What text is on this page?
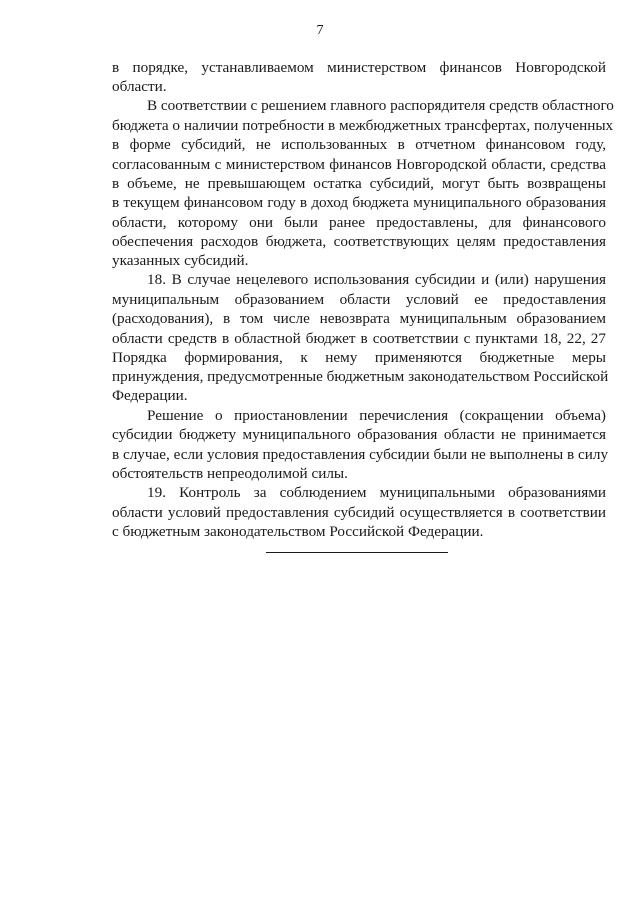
7
в порядке, устанавливаемом министерством финансов Новгородской
области.
В соответствии с решением главного распорядителя средств областного
бюджета о наличии потребности в межбюджетных трансфертах, полученных
в форме субсидий, не использованных в отчетном финансовом году,
согласованным с министерством финансов Новгородской области, средства
в объеме, не превышающем остатка субсидий, могут быть возвращены
в текущем финансовом году в доход бюджета муниципального образования
области, которому они были ранее предоставлены, для финансового
обеспечения расходов бюджета, соответствующих целям предоставления
указанных субсидий.
18. В случае нецелевого использования субсидии и (или) нарушения
муниципальным образованием области условий ее предоставления
(расходования), в том числе невозврата муниципальным образованием
области средств в областной бюджет в соответствии с пунктами 18, 22, 27
Порядка формирования, к нему применяются бюджетные меры
принуждения, предусмотренные бюджетным законодательством Российской
Федерации.
Решение о приостановлении перечисления (сокращении объема)
субсидии бюджету муниципального образования области не принимается
в случае, если условия предоставления субсидии были не выполнены в силу
обстоятельств непреодолимой силы.
19. Контроль за соблюдением муниципальными образованиями
области условий предоставления субсидий осуществляется в соответствии
с бюджетным законодательством Российской Федерации.
